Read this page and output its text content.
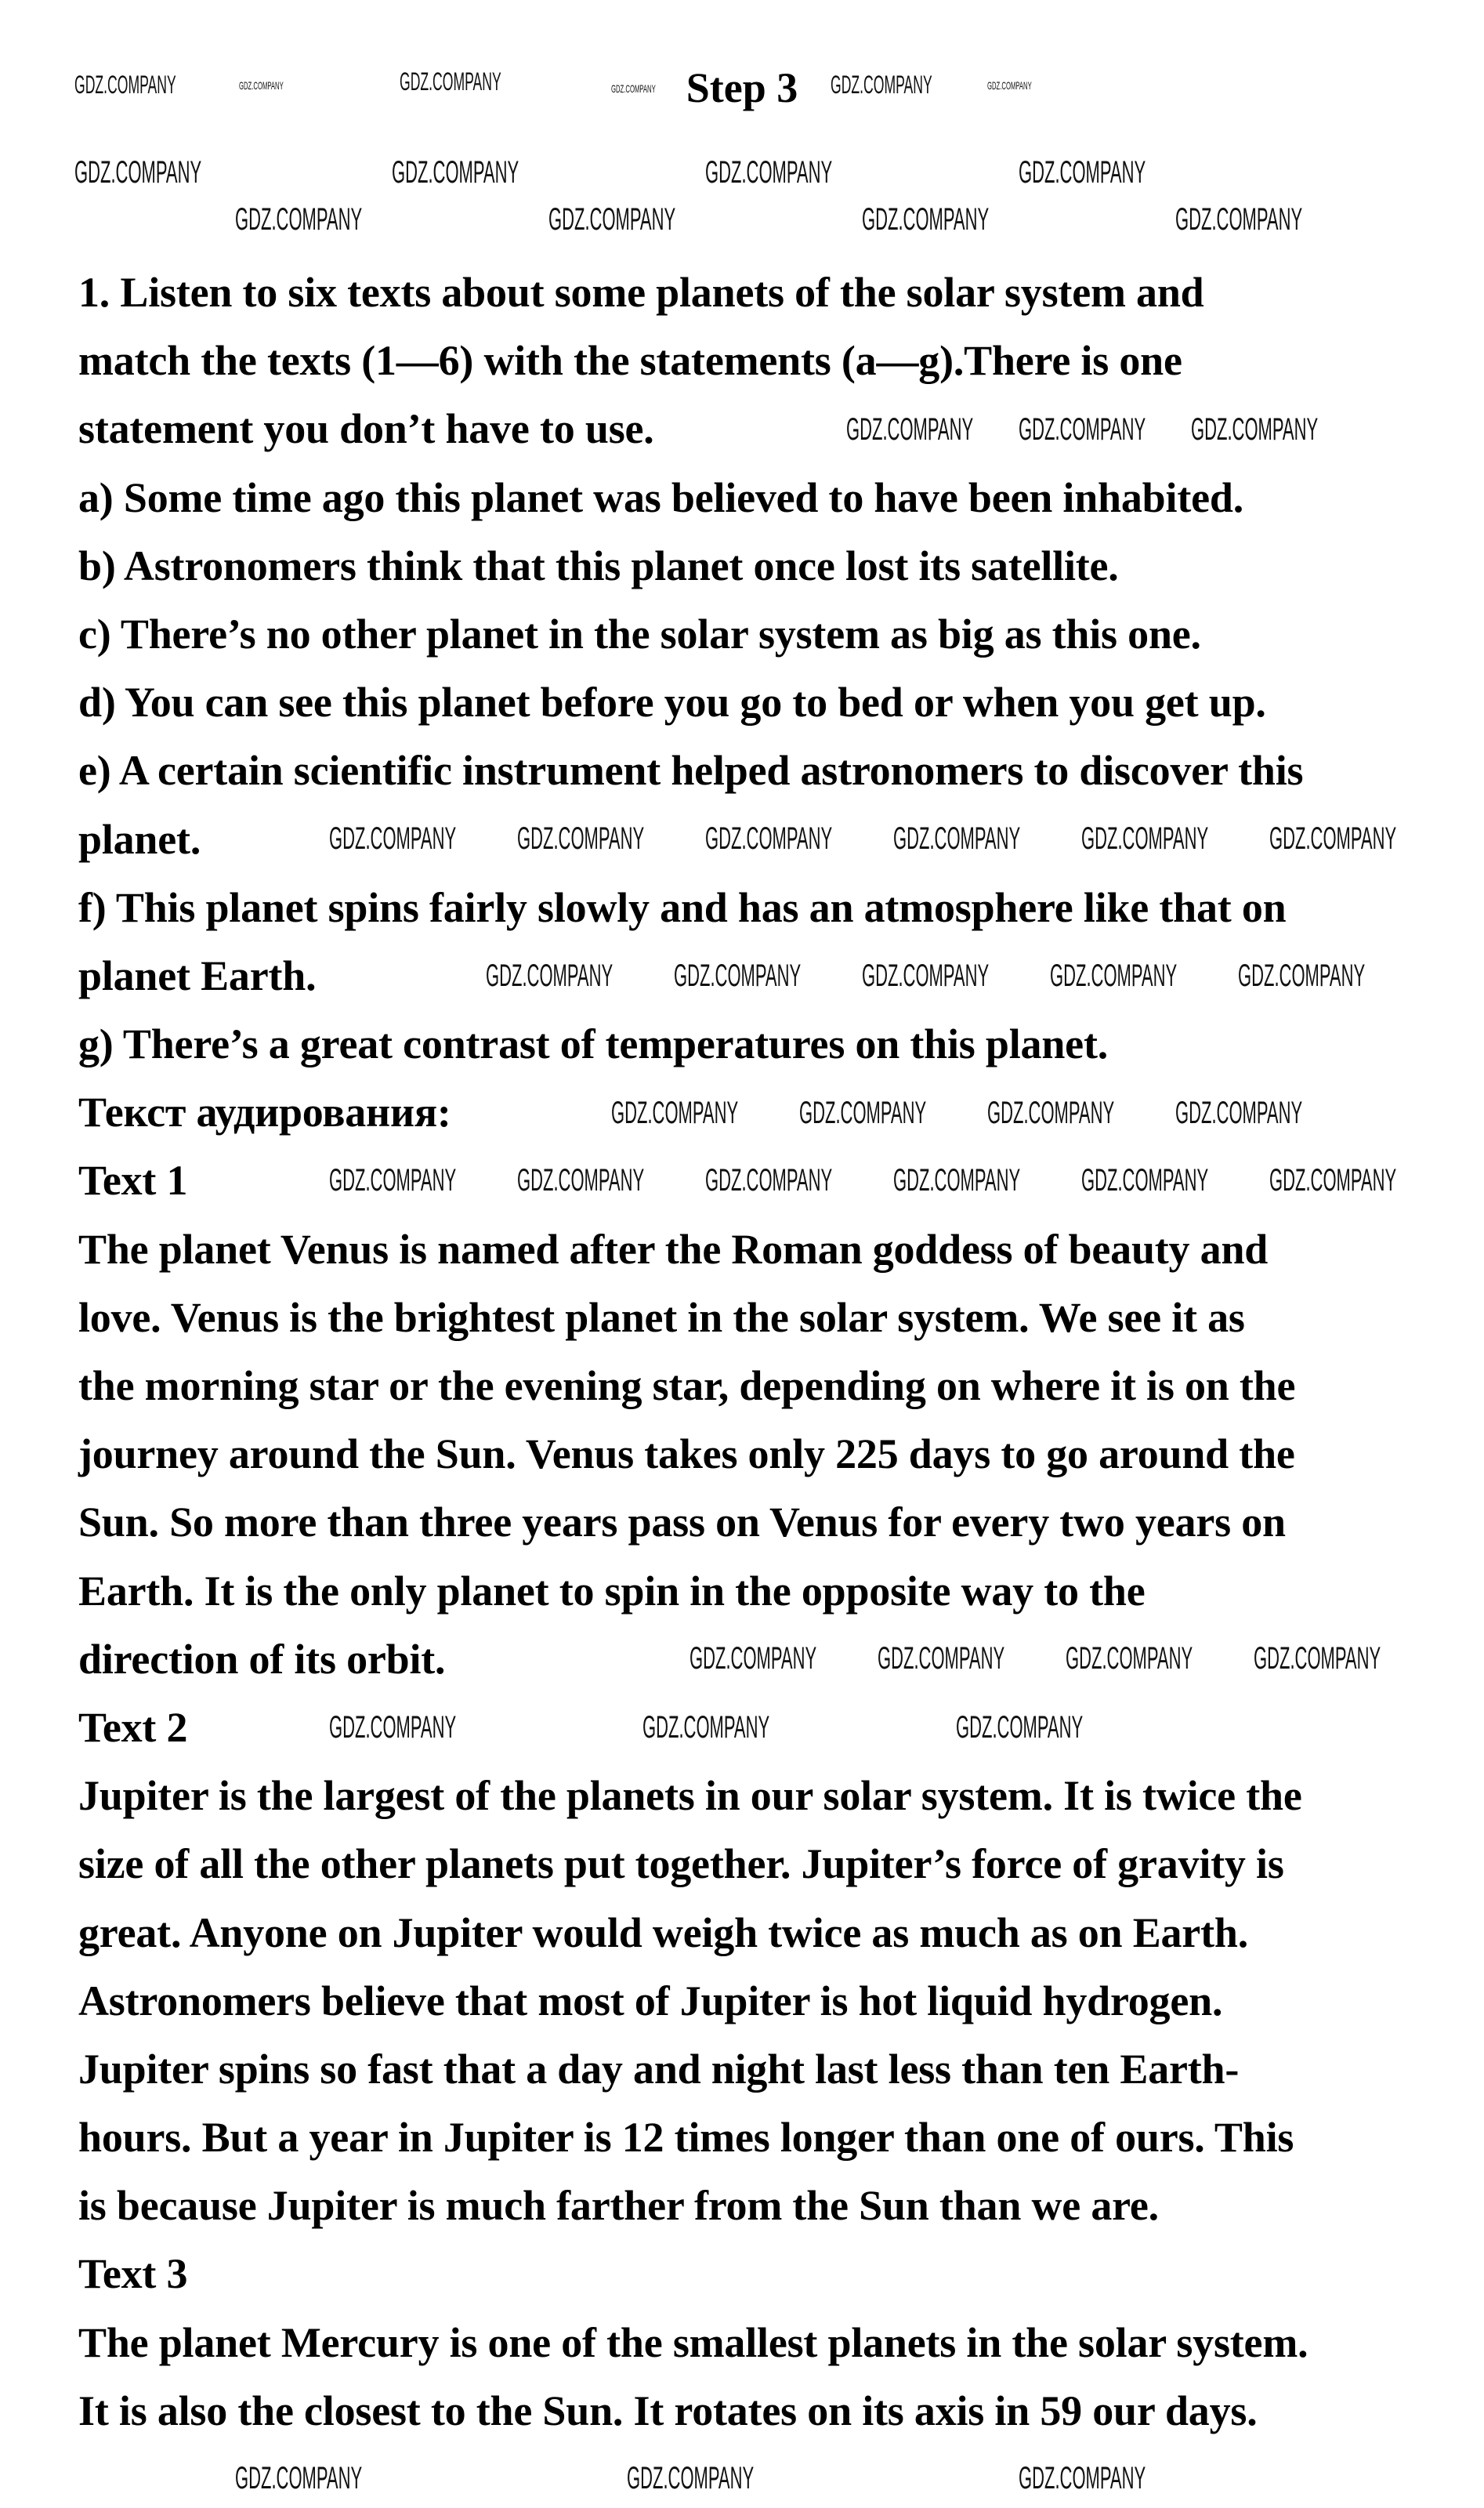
Step 3
1. Listen to six texts about some planets of the solar system and
match the texts (1—6) with the statements (a—g).There is one
statement you don’t have to use.
a) Some time ago this planet was believed to have been inhabited.
b) Astronomers think that this planet once lost its satellite.
c) There’s no other planet in the solar system as big as this one.
d) You can see this planet before you go to bed or when you get up.
e) A certain scientific instrument helped astronomers to discover this
planet.
f) This planet spins fairly slowly and has an atmosphere like that on
planet Earth.
g) There’s a great contrast of temperatures on this planet.
Текст аудирования:
Text 1
The planet Venus is named after the Roman goddess of beauty and
love. Venus is the brightest planet in the solar system. We see it as
the morning star or the evening star, depending on where it is on the
journey around the Sun. Venus takes only 225 days to go around the
Sun. So more than three years pass on Venus for every two years on
Earth. It is the only planet to spin in the opposite way to the
direction of its orbit.
Text 2
Jupiter is the largest of the planets in our solar system. It is twice the
size of all the other planets put together. Jupiter’s force of gravity is
great. Anyone on Jupiter would weigh twice as much as on Earth.
Astronomers believe that most of Jupiter is hot liquid hydrogen.
Jupiter spins so fast that a day and night last less than ten Earth-
hours. But a year in Jupiter is 12 times longer than one of ours. This
is because Jupiter is much farther from the Sun than we are.
Text 3
The planet Mercury is one of the smallest planets in the solar system.
It is also the closest to the Sun. It rotates on its axis in 59 our days.
GDZ.COMPANY	GDZ.COMPANY	GDZ.COMPANY	GDZ.COMPANY	GDZ.COMPANY	GDZ.COMPANY
GDZ.COMPANY	GDZ.COMPANY	GDZ.COMPANY	GDZ.COMPANY
GDZ.COMPANY	GDZ.COMPANY	GDZ.COMPANY	GDZ.COMPANY
GDZ.COMPANY GDZ.COMPANY GDZ.COMPANY
GDZ.COMPANY GDZ.COMPANY GDZ.COMPANY GDZ.COMPANY GDZ.COMPANY GDZ.COMPANY
GDZ.COMPANY GDZ.COMPANY GDZ.COMPANY GDZ.COMPANY GDZ.COMPANY
GDZ.COMPANY GDZ.COMPANY GDZ.COMPANY GDZ.COMPANY
GDZ.COMPANY GDZ.COMPANY GDZ.COMPANY GDZ.COMPANY GDZ.COMPANY GDZ.COMPANY
GDZ.COMPANY GDZ.COMPANY GDZ.COMPANY GDZ.COMPANY
GDZ.COMPANY	GDZ.COMPANY	GDZ.COMPANY
GDZ.COMPANY	GDZ.COMPANY	GDZ.COMPANY
